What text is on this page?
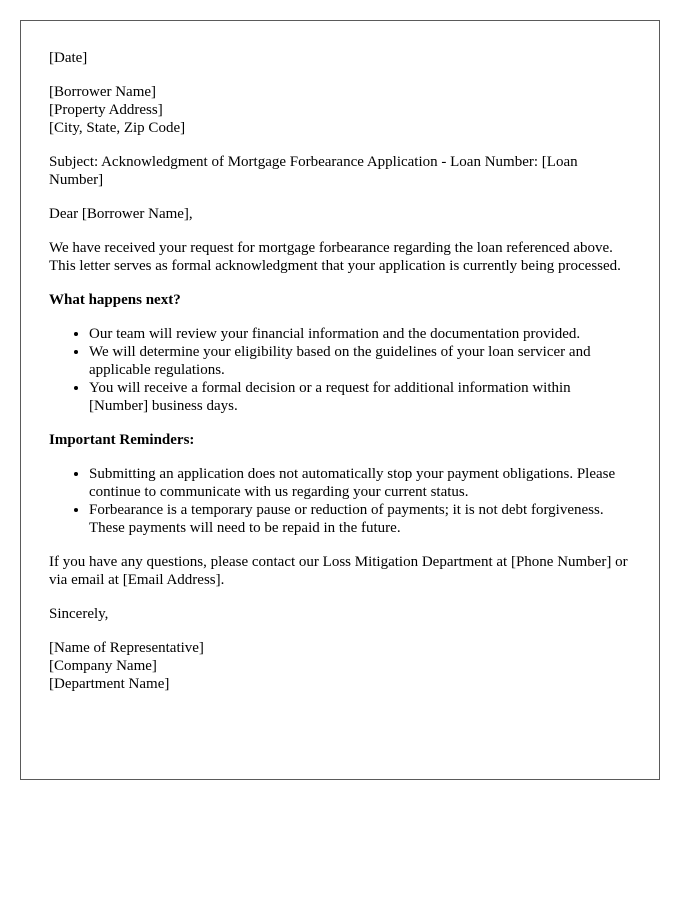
[Date]

[Borrower Name]
[Property Address]
[City, State, Zip Code]

Subject: Acknowledgment of Mortgage Forbearance Application - Loan Number: [Loan Number]

Dear [Borrower Name],

We have received your request for mortgage forbearance regarding the loan referenced above. This letter serves as formal acknowledgment that your application is currently being processed.

What happens next?

• Our team will review your financial information and the documentation provided.
• We will determine your eligibility based on the guidelines of your loan servicer and applicable regulations.
• You will receive a formal decision or a request for additional information within [Number] business days.

Important Reminders:

• Submitting an application does not automatically stop your payment obligations. Please continue to communicate with us regarding your current status.
• Forbearance is a temporary pause or reduction of payments; it is not debt forgiveness. These payments will need to be repaid in the future.

If you have any questions, please contact our Loss Mitigation Department at [Phone Number] or via email at [Email Address].

Sincerely,

[Name of Representative]
[Company Name]
[Department Name]
